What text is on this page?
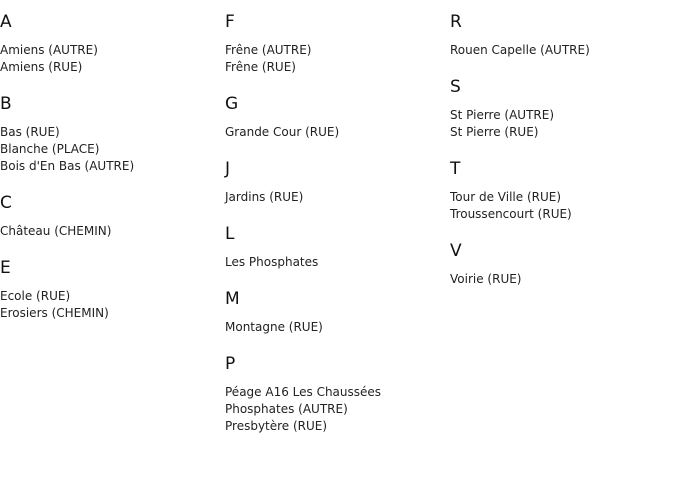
A
Amiens (AUTRE)
Amiens (RUE)
B
Bas (RUE)
Blanche (PLACE)
Bois d'En Bas (AUTRE)
C
Château (CHEMIN)
E
Ecole (RUE)
Erosiers (CHEMIN)
F
Frêne (AUTRE)
Frêne (RUE)
G
Grande Cour (RUE)
J
Jardins (RUE)
L
Les Phosphates
M
Montagne (RUE)
P
Péage A16 Les Chaussées
Phosphates (AUTRE)
Presbytère (RUE)
R
Rouen Capelle (AUTRE)
S
St Pierre (AUTRE)
St Pierre (RUE)
T
Tour de Ville (RUE)
Troussencourt (RUE)
V
Voirie (RUE)
